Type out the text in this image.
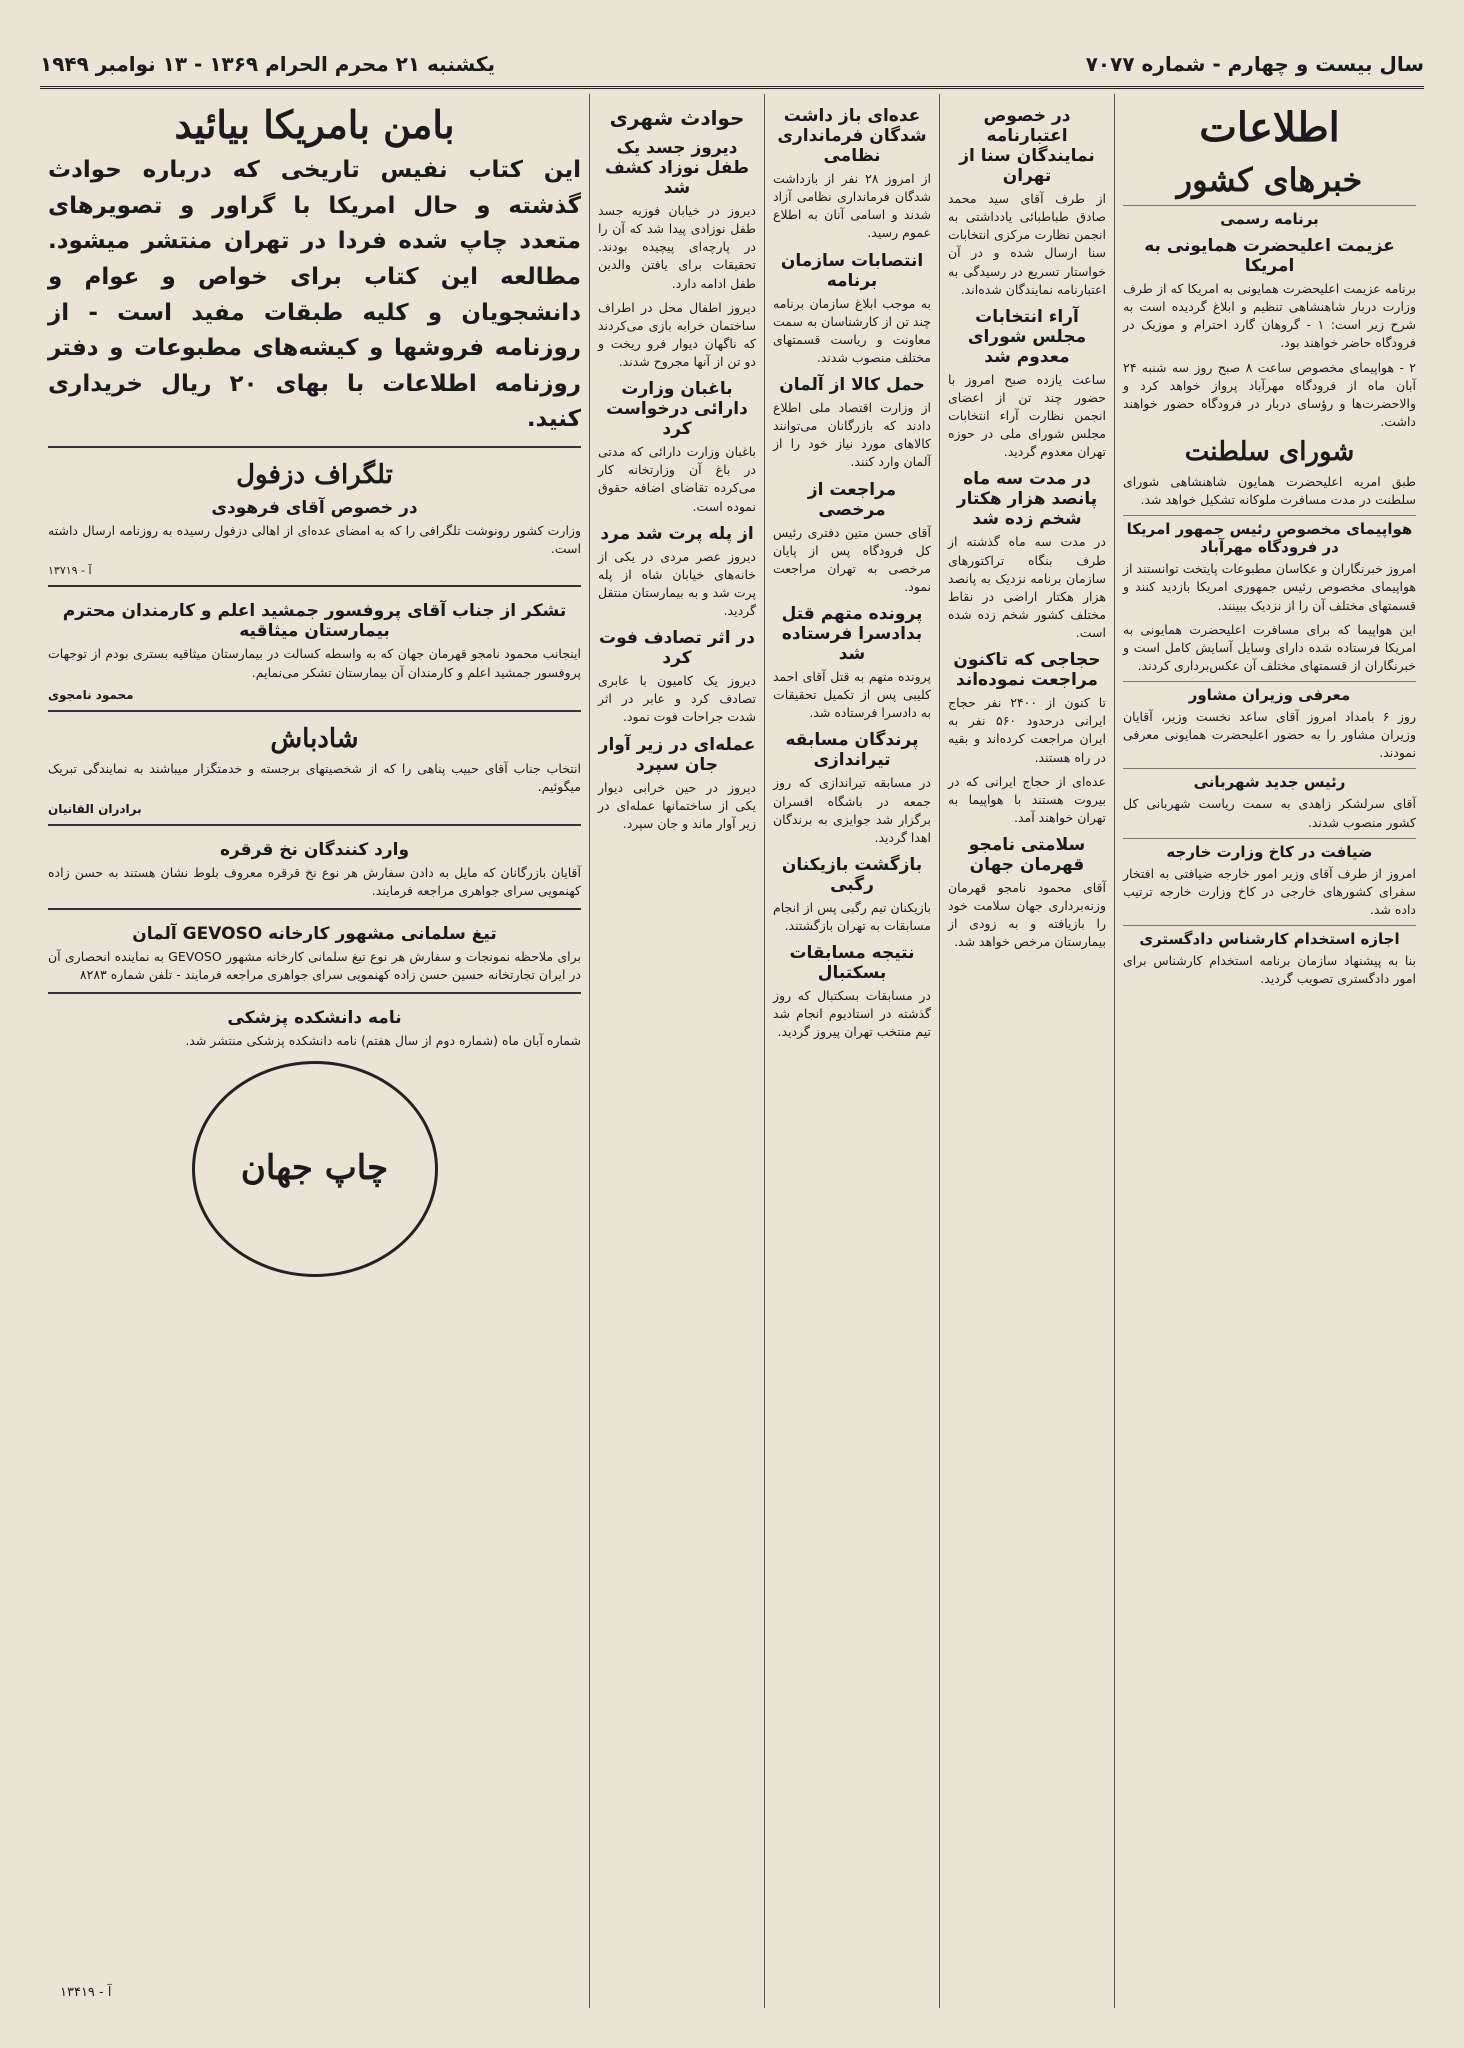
سال بیست و چهارم - شماره ۷۰۷۷
یکشنبه ۲۱ محرم الحرام ۱۳۶۹ - ۱۳ نوامبر ۱۹۴۹
اطلاعات
خبرهای کشور
برنامه رسمی
عزیمت اعلیحضرت همایونی به امریکا

برنامه عزیمت اعلیحضرت همایونی به امریکا که از طرف وزارت دربار شاهنشاهی تنظیم و ابلاغ گردیده است به شرح زیر است: ۱ - گروهان گارد احترام و موزیک در فرودگاه حاضر خواهند بود.

۲ - هواپیمای مخصوص ساعت ۸ صبح روز سه شنبه ۲۴ آبان ماه از فرودگاه مهرآباد پرواز خواهد کرد و والاحضرت‌ها و رؤسای دربار در فرودگاه حضور خواهند داشت.

شورای سلطنت

طبق امریه اعلیحضرت همایون شاهنشاهی شورای سلطنت در مدت مسافرت ملوکانه تشکیل خواهد شد.

هواپیمای مخصوص رئیس جمهور امریکا در فرودگاه مهرآباد

امروز خبرنگاران و عکاسان مطبوعات پایتخت توانستند از هواپیمای مخصوص رئیس جمهوری امریکا بازدید کنند و قسمتهای مختلف آن را از نزدیک ببینند.

این هواپیما که برای مسافرت اعلیحضرت همایونی به امریکا فرستاده شده دارای وسایل آسایش کامل است و خبرنگاران از قسمتهای مختلف آن عکس‌برداری کردند.

معرفی وزیران مشاور

روز ۶ بامداد امروز آقای ساعد نخست وزیر، آقایان وزیران مشاور را به حضور اعلیحضرت همایونی معرفی نمودند.

رئیس جدید شهربانی

آقای سرلشکر زاهدی به سمت ریاست شهربانی کل کشور منصوب شدند.

ضیافت در کاخ وزارت خارجه

امروز از طرف آقای وزیر امور خارجه ضیافتی به افتخار سفرای کشورهای خارجی در کاخ وزارت خارجه ترتیب داده شد.

اجازه استخدام کارشناس دادگستری

بنا به پیشنهاد سازمان برنامه استخدام کارشناس برای امور دادگستری تصویب گردید.

در خصوص اعتبارنامه نمایندگان سنا از تهران

از طرف آقای سید محمد صادق طباطبائی یادداشتی به انجمن نظارت مرکزی انتخابات سنا ارسال شده و در آن خواستار تسریع در رسیدگی به اعتبارنامه نمایندگان شده‌اند.

آراء انتخابات مجلس شورای معدوم شد

ساعت یازده صبح امروز با حضور چند تن از اعضای انجمن نظارت آراء انتخابات مجلس شورای ملی در حوزه تهران معدوم گردید.

در مدت سه ماه پانصد هزار هکتار شخم زده شد

در مدت سه ماه گذشته از طرف بنگاه تراکتورهای سازمان برنامه نزدیک به پانصد هزار هکتار اراضی در نقاط مختلف کشور شخم زده شده است.

حجاجی که تاکنون مراجعت نموده‌اند

تا کنون از ۲۴۰۰ نفر حجاج ایرانی درحدود ۵۶۰ نفر به ایران مراجعت کرده‌اند و بقیه در راه هستند.

عده‌ای از حجاج ایرانی که در بیروت هستند با هواپیما به تهران خواهند آمد.

سلامتی نامجو قهرمان جهان

آقای محمود نامجو قهرمان وزنه‌برداری جهان سلامت خود را بازیافته و به زودی از بیمارستان مرخص خواهد شد.

عده‌ای باز داشت شدگان فرمانداری نظامی

از امروز ۲۸ نفر از بازداشت شدگان فرمانداری نظامی آزاد شدند و اسامی آنان به اطلاع عموم رسید.

انتصابات سازمان برنامه

به موجب ابلاغ سازمان برنامه چند تن از کارشناسان به سمت معاونت و ریاست قسمتهای مختلف منصوب شدند.

حمل کالا از آلمان

از وزارت اقتصاد ملی اطلاع دادند که بازرگانان می‌توانند کالاهای مورد نیاز خود را از آلمان وارد کنند.

مراجعت از مرخصی

آقای حسن متین دفتری رئیس کل فرودگاه پس از پایان مرخصی به تهران مراجعت نمود.

پرونده متهم قتل بدادسرا فرستاده شد

پرونده متهم به قتل آقای احمد کلیبی پس از تکمیل تحقیقات به دادسرا فرستاده شد.

پرندگان مسابقه تیراندازی

در مسابقه تیراندازی که روز جمعه در باشگاه افسران برگزار شد جوایزی به برندگان اهدا گردید.

بازگشت بازیکنان رگبی

بازیکنان تیم رگبی پس از انجام مسابقات به تهران بازگشتند.

نتیجه مسابقات بسکتبال

در مسابقات بسکتبال که روز گذشته در استادیوم انجام شد تیم منتخب تهران پیروز گردید.

حوادث شهری
دیروز جسد یک طفل نوزاد کشف شد

دیروز در خیابان فوزیه جسد طفل نوزادی پیدا شد که آن را در پارچه‌ای پیچیده بودند. تحقیقات برای یافتن والدین طفل ادامه دارد.

دیروز اطفال محل در اطراف ساختمان خرابه بازی می‌کردند که ناگهان دیوار فرو ریخت و دو تن از آنها مجروح شدند.

باغبان وزارت دارائی درخواست کرد

باغبان وزارت دارائی که مدتی در باغ آن وزارتخانه کار می‌کرده تقاضای اضافه حقوق نموده است.

از پله پرت شد مرد

دیروز عصر مردی در یکی از خانه‌های خیابان شاه از پله پرت شد و به بیمارستان منتقل گردید.

در اثر تصادف فوت کرد

دیروز یک کامیون با عابری تصادف کرد و عابر در اثر شدت جراحات فوت نمود.

عمله‌ای در زیر آوار جان سپرد

دیروز در حین خرابی دیوار یکی از ساختمانها عمله‌ای در زیر آوار ماند و جان سپرد.

بامن بامریکا بیائید
این کتاب نفیس تاریخی که درباره حوادث گذشته و حال امریکا با گراور و تصویرهای متعدد چاپ شده فردا در تهران منتشر میشود. مطالعه این کتاب برای خواص و عوام و دانشجویان و کلیه طبقات مفید است - از روزنامه فروشها و کیشه‌های مطبوعات و دفتر روزنامه اطلاعات با بهای ۲۰ ریال خریداری کنید.
تلگراف دزفول
در خصوص آقای فرهودی

وزارت کشور رونوشت تلگرافی را که به امضای عده‌ای از اهالی دزفول رسیده به روزنامه ارسال داشته است.

آ - ۱۳۷۱۹
تشکر از جناب آقای پروفسور جمشید اعلم و کارمندان محترم بیمارستان میثاقیه

اینجانب محمود نامجو قهرمان جهان که به واسطه کسالت در بیمارستان میثاقیه بستری بودم از توجهات پروفسور جمشید اعلم و کارمندان آن بیمارستان تشکر می‌نمایم.

محمود نامجوی
شادباش

انتخاب جناب آقای حبیب پناهی را که از شخصیتهای برجسته و خدمتگزار میباشند به نمایندگی تبریک میگوئیم.

برادران القانیان
وارد کنندگان نخ قرقره

آقایان بازرگانان که مایل به دادن سفارش هر نوع نخ قرقره معروف بلوط نشان هستند به حسن زاده کهنمویی سرای جواهری مراجعه فرمایند.

تیغ سلمانی مشهور کارخانه GEVOSO آلمان

برای ملاحظه نمونجات و سفارش هر نوع تیغ سلمانی کارخانه مشهور GEVOSO به نماینده انحصاری آن در ایران تجارتخانه حسین حسن زاده کهنمویی سرای جواهری مراجعه فرمایند - تلفن شماره ۸۲۸۳

نامه دانشکده پزشکی

شماره آبان ماه (شماره دوم از سال هفتم) نامه دانشکده پزشکی منتشر شد.

چاپ جهان
آ - ۱۳۴۱۹
